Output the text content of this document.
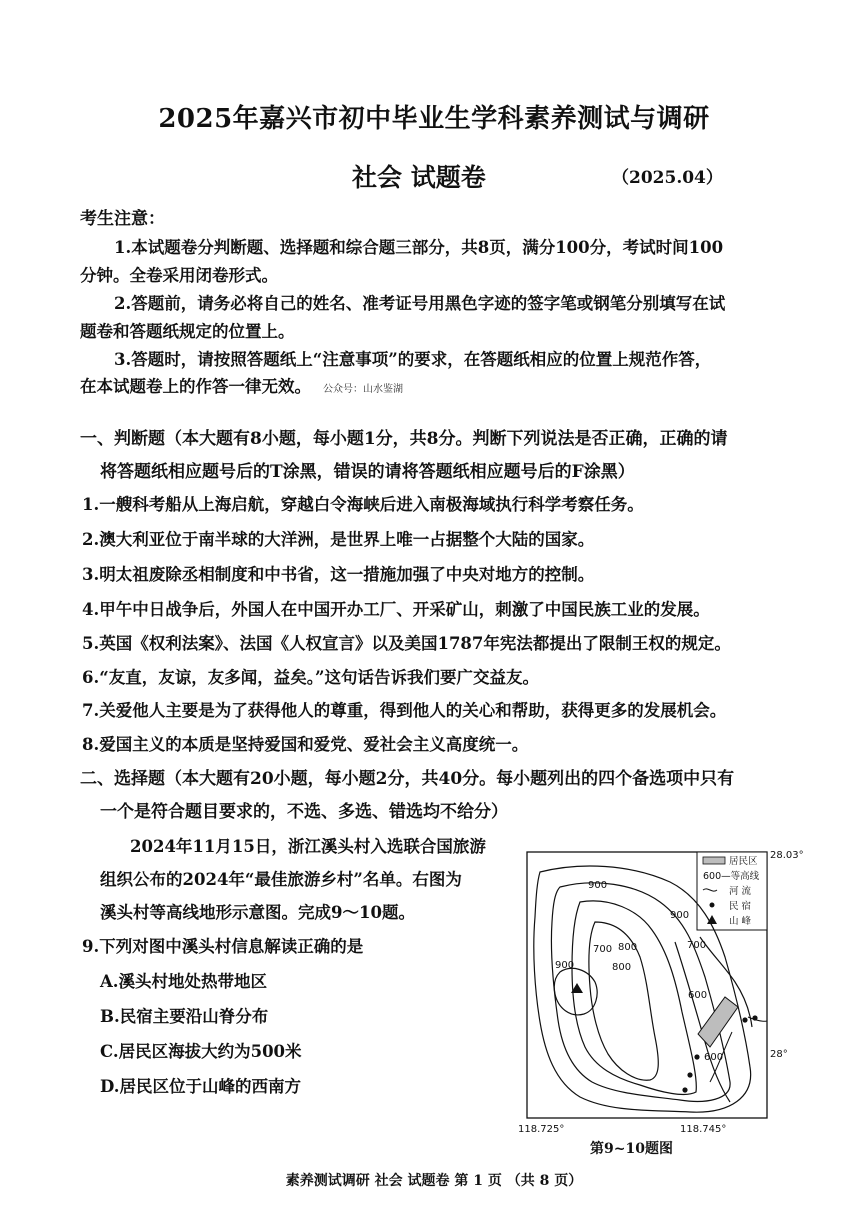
2025年嘉兴市初中毕业生学科素养测试与调研
社会 试题卷	（2025.04）
考生注意：
1.本试题卷分判断题、选择题和综合题三部分，共8页，满分100分，考试时间100
分钟。全卷采用闭卷形式。
2.答题前，请务必将自己的姓名、准考证号用黑色字迹的签字笔或钢笔分别填写在试
题卷和答题纸规定的位置上。
3.答题时，请按照答题纸上“注意事项”的要求，在答题纸相应的位置上规范作答，
在本试题卷上的作答一律无效。 公众号：山水鉴湖
一、判断题（本大题有8小题，每小题1分，共8分。判断下列说法是否正确，正确的请
将答题纸相应题号后的T涂黑，错误的请将答题纸相应题号后的F涂黑）
1.一艘科考船从上海启航，穿越白令海峡后进入南极海域执行科学考察任务。
2.澳大利亚位于南半球的大洋洲，是世界上唯一占据整个大陆的国家。
3.明太祖废除丞相制度和中书省，这一措施加强了中央对地方的控制。
4.甲午中日战争后，外国人在中国开办工厂、开采矿山，刺激了中国民族工业的发展。
5.英国《权利法案》、法国《人权宣言》以及美国1787年宪法都提出了限制王权的规定。
6.“友直，友谅，友多闻，益矣。”这句话告诉我们要广交益友。
7.关爱他人主要是为了获得他人的尊重，得到他人的关心和帮助，获得更多的发展机会。
8.爱国主义的本质是坚持爱国和爱党、爱社会主义高度统一。
二、选择题（本大题有20小题，每小题2分，共40分。每小题列出的四个备选项中只有
一个是符合题目要求的，不选、多选、错选均不给分）
2024年11月15日，浙江溪头村入选联合国旅游
组织公布的2024年“最佳旅游乡村”名单。右图为
溪头村等高线地形示意图。完成9～10题。
9.下列对图中溪头村信息解读正确的是
A.溪头村地处热带地区
B.民宿主要沿山脊分布
C.居民区海拔大约为500米
D.居民区位于山峰的西南方
900
900
800
700
900
800
700
600
600
居民区
600—等高线
河 流
民 宿
山 峰
28.03°
28°
118.725°	118.745°
第9~10题图
素养测试调研 社会 试题卷 第 1 页 （共 8 页）
